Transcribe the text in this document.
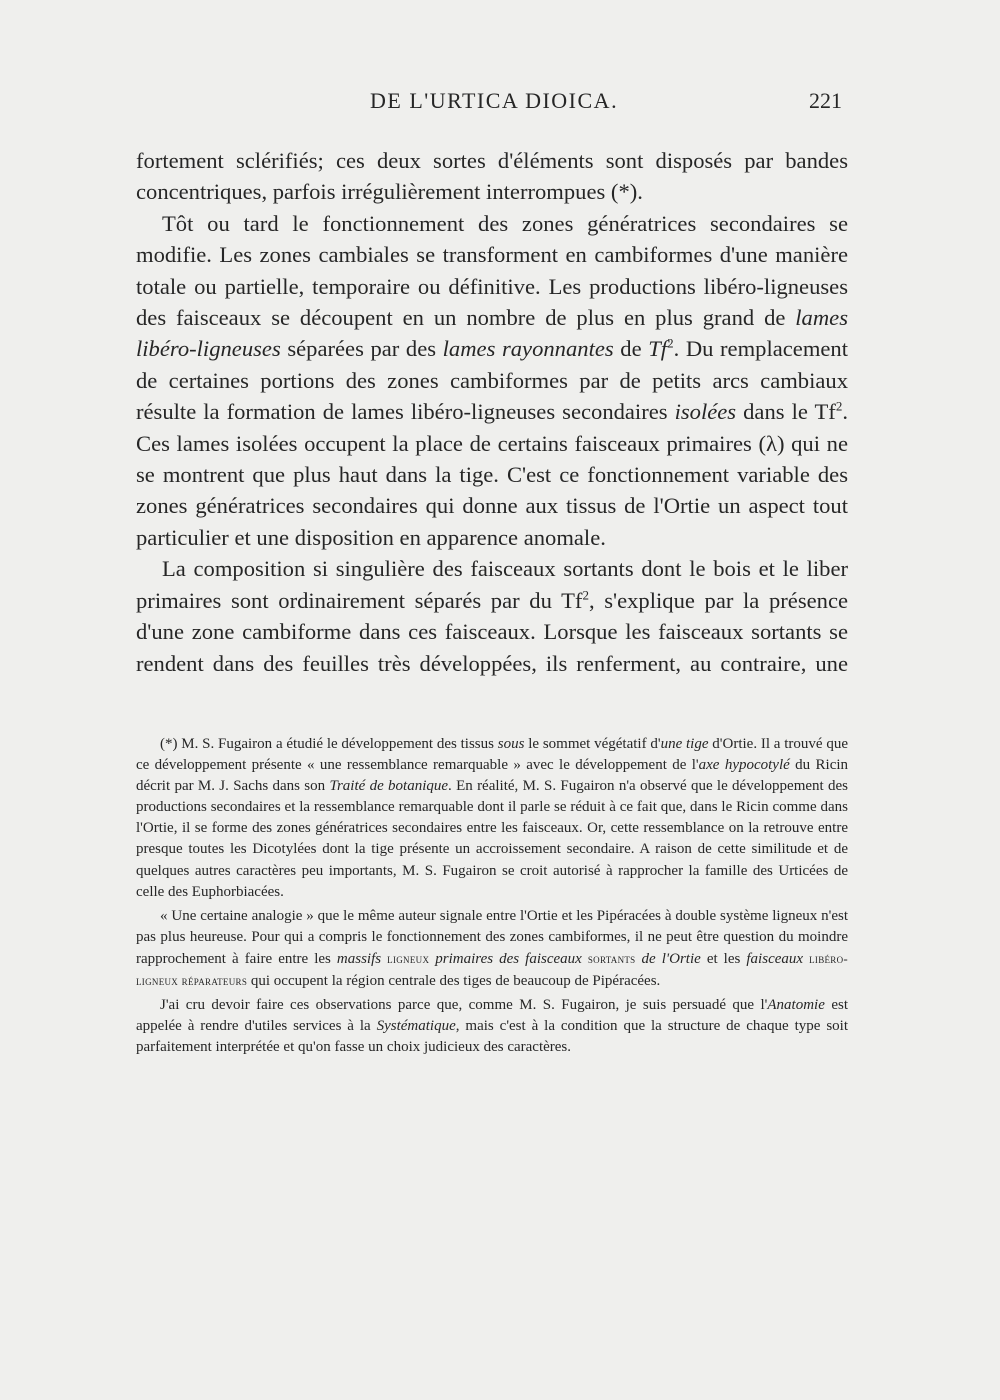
DE L'URTICA DIOICA.	221

fortement sclérifiés; ces deux sortes d'éléments sont disposés par bandes concentriques, parfois irrégulièrement interrompues (*).

Tôt ou tard le fonctionnement des zones génératrices secondaires se modifie. Les zones cambiales se transforment en cambiformes d'une manière totale ou partielle, temporaire ou définitive. Les productions libéro-ligneuses des faisceaux se découpent en un nombre de plus en plus grand de lames libéro-ligneuses séparées par des lames rayonnantes de Tf$^2$. Du remplacement de certaines portions des zones cambiformes par de petits arcs cambiaux résulte la formation de lames libéro-ligneuses secondaires isolées dans le Tf$^2$. Ces lames isolées occupent la place de certains faisceaux primaires (λ) qui ne se montrent que plus haut dans la tige. C'est ce fonctionnement variable des zones génératrices secondaires qui donne aux tissus de l'Ortie un aspect tout particulier et une disposition en apparence anomale.

La composition si singulière des faisceaux sortants dont le bois et le liber primaires sont ordinairement séparés par du Tf$^2$, s'explique par la présence d'une zone cambiforme dans ces faisceaux. Lorsque les faisceaux sortants se rendent dans des feuilles très développées, ils renferment, au contraire, une

(*) M. S. Fugairon a étudié le développement des tissus sous le sommet végétatif d'une tige d'Ortie. Il a trouvé que ce développement présente « une ressemblance remarquable » avec le développement de l'axe hypocotylé du Ricin décrit par M. J. Sachs dans son Traité de botanique. En réalité, M. S. Fugairon n'a observé que le développement des productions secondaires et la ressemblance remarquable dont il parle se réduit à ce fait que, dans le Ricin comme dans l'Ortie, il se forme des zones génératrices secondaires entre les faisceaux. Or, cette ressemblance on la retrouve entre presque toutes les Dicotylées dont la tige présente un accroissement secondaire. A raison de cette similitude et de quelques autres caractères peu importants, M. S. Fugairon se croit autorisé à rapprocher la famille des Urticées de celle des Euphorbiacées.

« Une certaine analogie » que le même auteur signale entre l'Ortie et les Pipéracées à double système ligneux n'est pas plus heureuse. Pour qui a compris le fonctionnement des zones cambiformes, il ne peut être question du moindre rapprochement à faire entre les massifs ligneux primaires des faisceaux sortants de l'Ortie et les faisceaux libéro-ligneux réparateurs qui occupent la région centrale des tiges de beaucoup de Pipéracées.

J'ai cru devoir faire ces observations parce que, comme M. S. Fugairon, je suis persuadé que l'Anatomie est appelée à rendre d'utiles services à la Systématique, mais c'est à la condition que la structure de chaque type soit parfaitement interprétée et qu'on fasse un choix judicieux des caractères.
